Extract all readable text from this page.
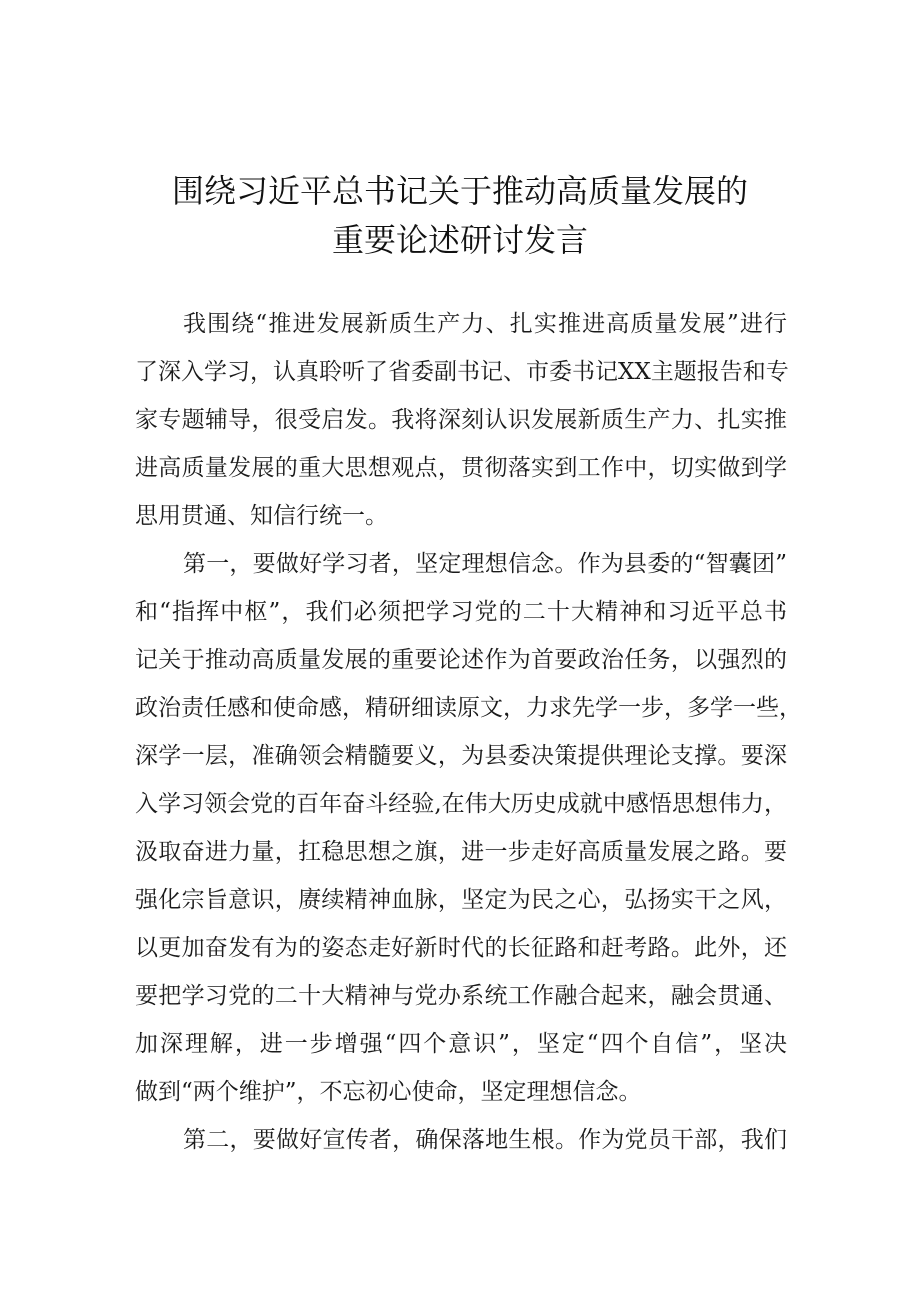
围绕习近平总书记关于推动高质量发展的
重要论述研讨发言
我围绕“推进发展新质生产力、扎实推进高质量发展”进行
了深入学习，认真聆听了省委副书记、市委书记XX主题报告和专
家专题辅导，很受启发。我将深刻认识发展新质生产力、扎实推
进高质量发展的重大思想观点，贯彻落实到工作中，切实做到学
思用贯通、知信行统一。
第一，要做好学习者，坚定理想信念。作为县委的“智囊团”
和“指挥中枢”，我们必须把学习党的二十大精神和习近平总书
记关于推动高质量发展的重要论述作为首要政治任务，以强烈的
政治责任感和使命感，精研细读原文，力求先学一步，多学一些，
深学一层，准确领会精髓要义，为县委决策提供理论支撑。要深
入学习领会党的百年奋斗经验,在伟大历史成就中感悟思想伟力，
汲取奋进力量，扛稳思想之旗，进一步走好高质量发展之路。要
强化宗旨意识，赓续精神血脉，坚定为民之心，弘扬实干之风，
以更加奋发有为的姿态走好新时代的长征路和赶考路。此外，还
要把学习党的二十大精神与党办系统工作融合起来，融会贯通、
加深理解，进一步增强“四个意识”，坚定“四个自信”，坚决
做到“两个维护”，不忘初心使命，坚定理想信念。
第二，要做好宣传者，确保落地生根。作为党员干部，我们
